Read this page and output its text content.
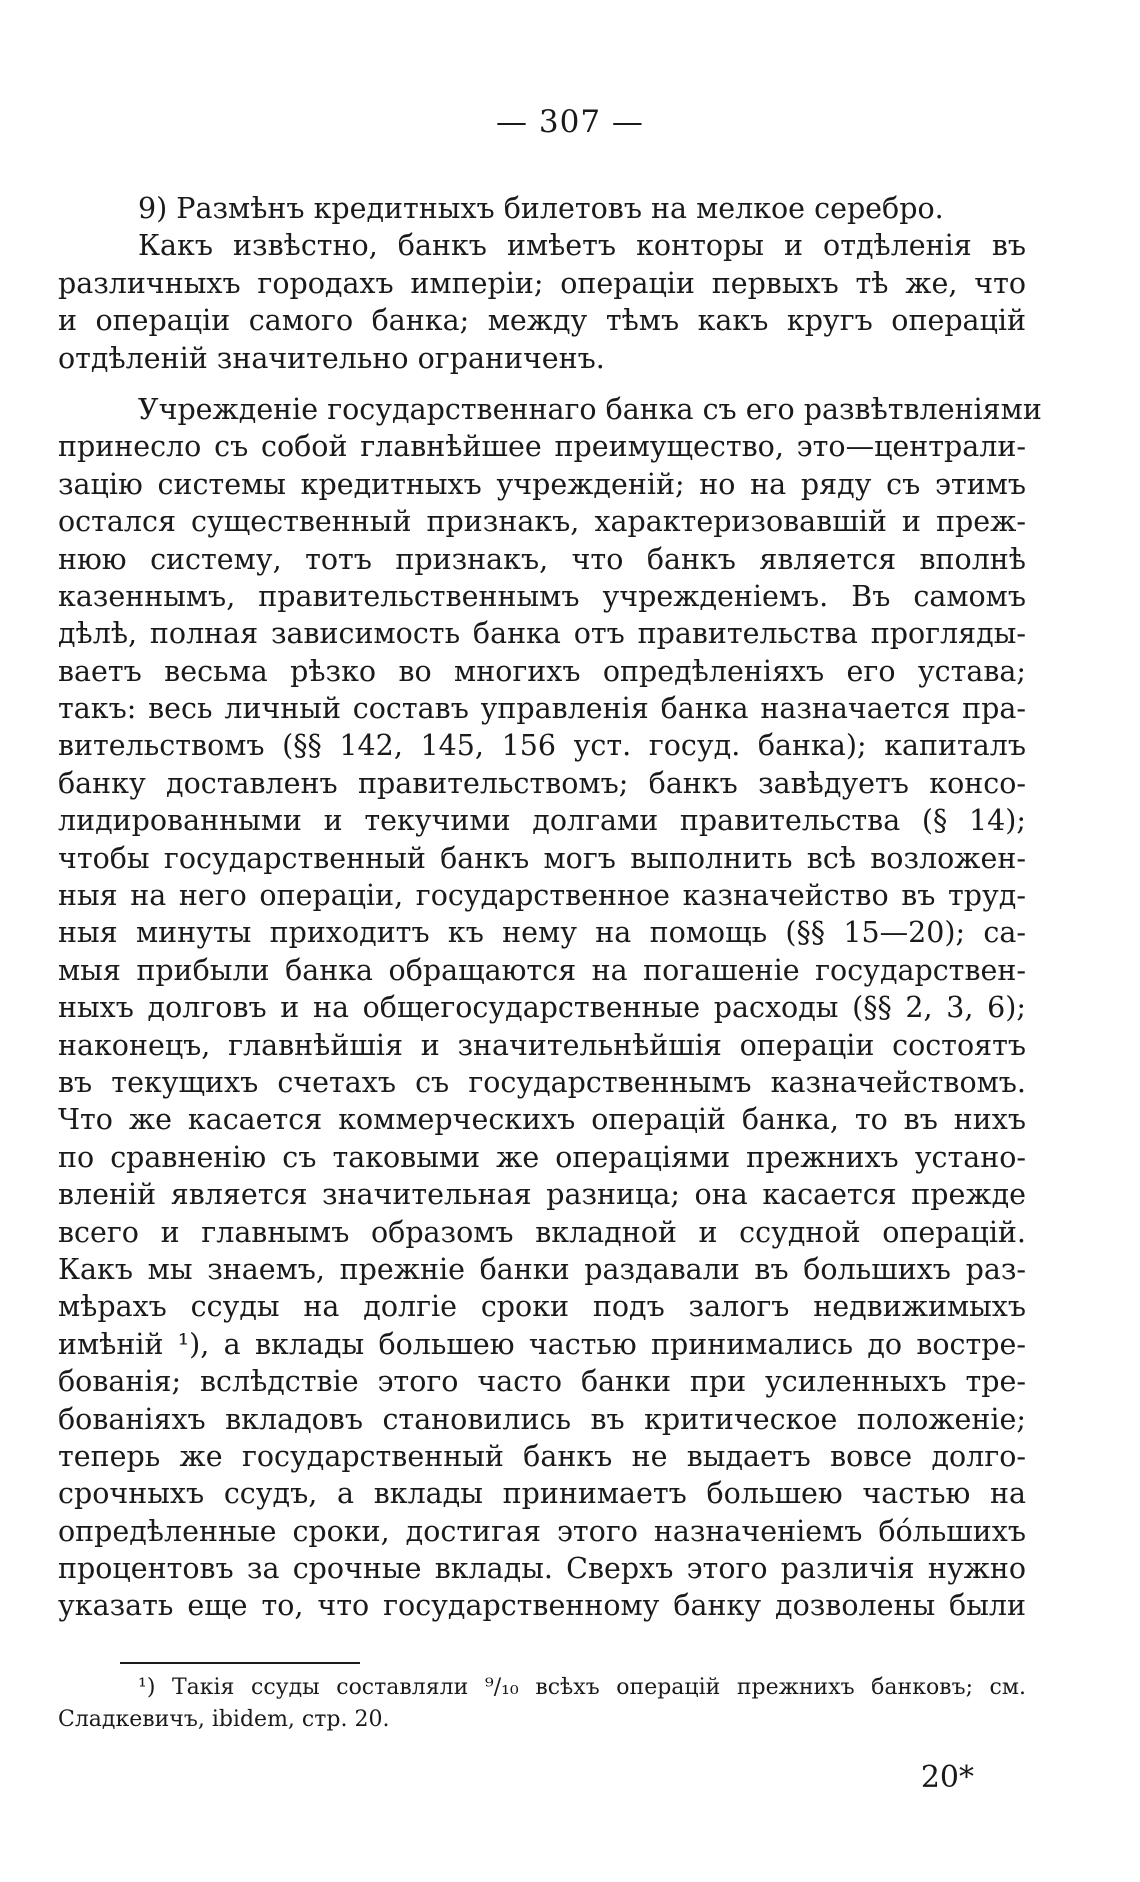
— 307 —
9) Размѣнъ кредитныхъ билетовъ на мелкое серебро.
Какъ извѣстно, банкъ имѣетъ конторы и отдѣленія въ
различныхъ городахъ имперіи; операціи первыхъ тѣ же, что
и операціи самого банка; между тѣмъ какъ кругъ операцій
отдѣленій значительно ограниченъ.
Учрежденіе государственнаго банка съ его развѣтвленіями
принесло съ собой главнѣйшее преимущество, это—централи-
зацію системы кредитныхъ учрежденій; но на ряду съ этимъ
остался существенный признакъ, характеризовавшій и преж-
нюю систему, тотъ признакъ, что банкъ является вполнѣ
казеннымъ, правительственнымъ учрежденіемъ. Въ самомъ
дѣлѣ, полная зависимость банка отъ правительства прогляды-
ваетъ весьма рѣзко во многихъ опредѣленіяхъ его устава;
такъ: весь личный составъ управленія банка назначается пра-
вительствомъ (§§ 142, 145, 156 уст. госуд. банка); капиталъ
банку доставленъ правительствомъ; банкъ завѣдуетъ консо-
лидированными и текучими долгами правительства (§ 14);
чтобы государственный банкъ могъ выполнить всѣ возложен-
ныя на него операціи, государственное казначейство въ труд-
ныя минуты приходитъ къ нему на помощь (§§ 15—20); са-
мыя прибыли банка обращаются на погашеніе государствен-
ныхъ долговъ и на общегосударственные расходы (§§ 2, 3, 6);
наконецъ, главнѣйшія и значительнѣйшія операціи состоятъ
въ текущихъ счетахъ съ государственнымъ казначействомъ.
Что же касается коммерческихъ операцій банка, то въ нихъ
по сравненію съ таковыми же операціями прежнихъ устано-
вленій является значительная разница; она касается прежде
всего и главнымъ образомъ вкладной и ссудной операцій.
Какъ мы знаемъ, прежніе банки раздавали въ большихъ раз-
мѣрахъ ссуды на долгіе сроки подъ залогъ недвижимыхъ
имѣній ¹), а вклады большею частью принимались до востре-
бованія; вслѣдствіе этого часто банки при усиленныхъ тре-
бованіяхъ вкладовъ становились въ критическое положеніе;
теперь же государственный банкъ не выдаетъ вовсе долго-
срочныхъ ссудъ, а вклады принимаетъ большею частью на
опредѣленные сроки, достигая этого назначеніемъ бо́льшихъ
процентовъ за срочные вклады. Сверхъ этого различія нужно
указать еще то, что государственному банку дозволены были
¹) Такія ссуды составляли ⁹/₁₀ всѣхъ операцій прежнихъ банковъ; см.
Сладкевичъ, ibidem, стр. 20.
20*
